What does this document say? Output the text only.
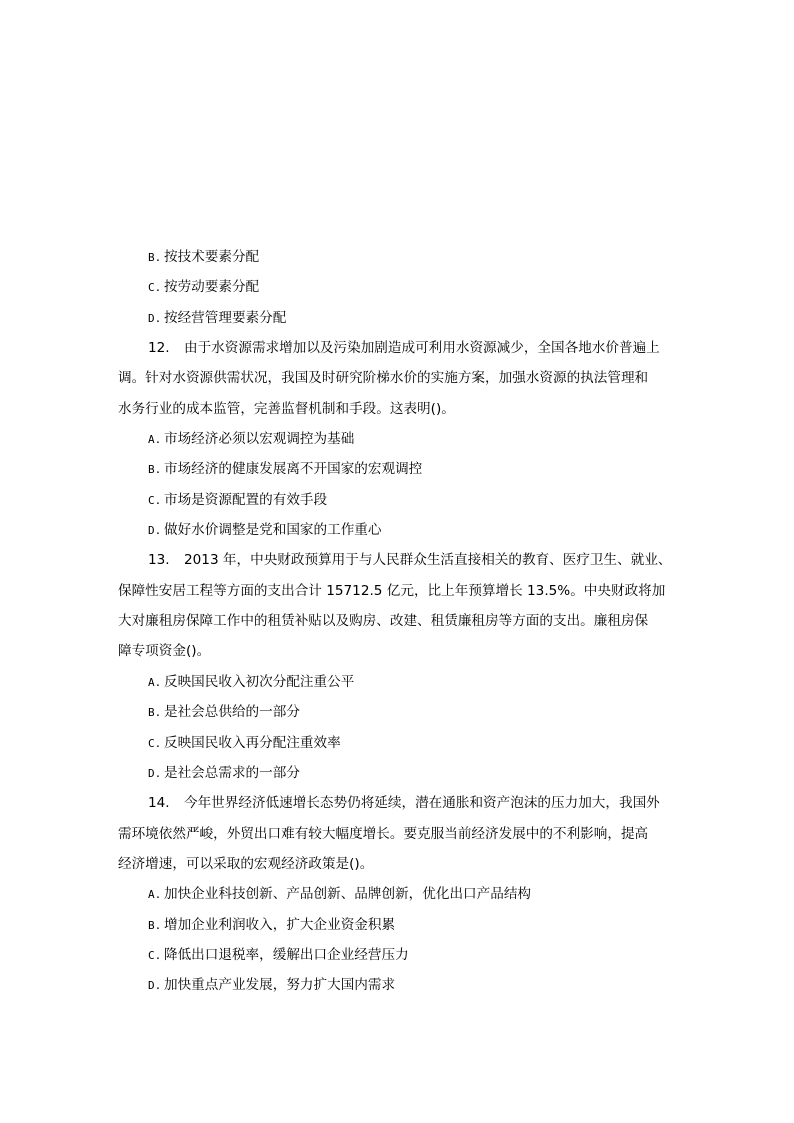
B. 按技术要素分配
C. 按劳动要素分配
D. 按经营管理要素分配
12. 由于水资源需求增加以及污染加剧造成可利用水资源减少，全国各地水价普遍上
调。针对水资源供需状况，我国及时研究阶梯水价的实施方案，加强水资源的执法管理和
水务行业的成本监管，完善监督机制和手段。这表明()。
A. 市场经济必须以宏观调控为基础
B. 市场经济的健康发展离不开国家的宏观调控
C. 市场是资源配置的有效手段
D. 做好水价调整是党和国家的工作重心
13. 2013 年，中央财政预算用于与人民群众生活直接相关的教育、医疗卫生、就业、
保障性安居工程等方面的支出合计 15712.5 亿元，比上年预算增长 13.5%。中央财政将加
大对廉租房保障工作中的租赁补贴以及购房、改建、租赁廉租房等方面的支出。廉租房保
障专项资金()。
A. 反映国民收入初次分配注重公平
B. 是社会总供给的一部分
C. 反映国民收入再分配注重效率
D. 是社会总需求的一部分
14. 今年世界经济低速增长态势仍将延续，潜在通胀和资产泡沫的压力加大，我国外
需环境依然严峻，外贸出口难有较大幅度增长。要克服当前经济发展中的不利影响，提高
经济增速，可以采取的宏观经济政策是()。
A. 加快企业科技创新、产品创新、品牌创新，优化出口产品结构
B. 增加企业利润收入，扩大企业资金积累
C. 降低出口退税率，缓解出口企业经营压力
D. 加快重点产业发展，努力扩大国内需求
